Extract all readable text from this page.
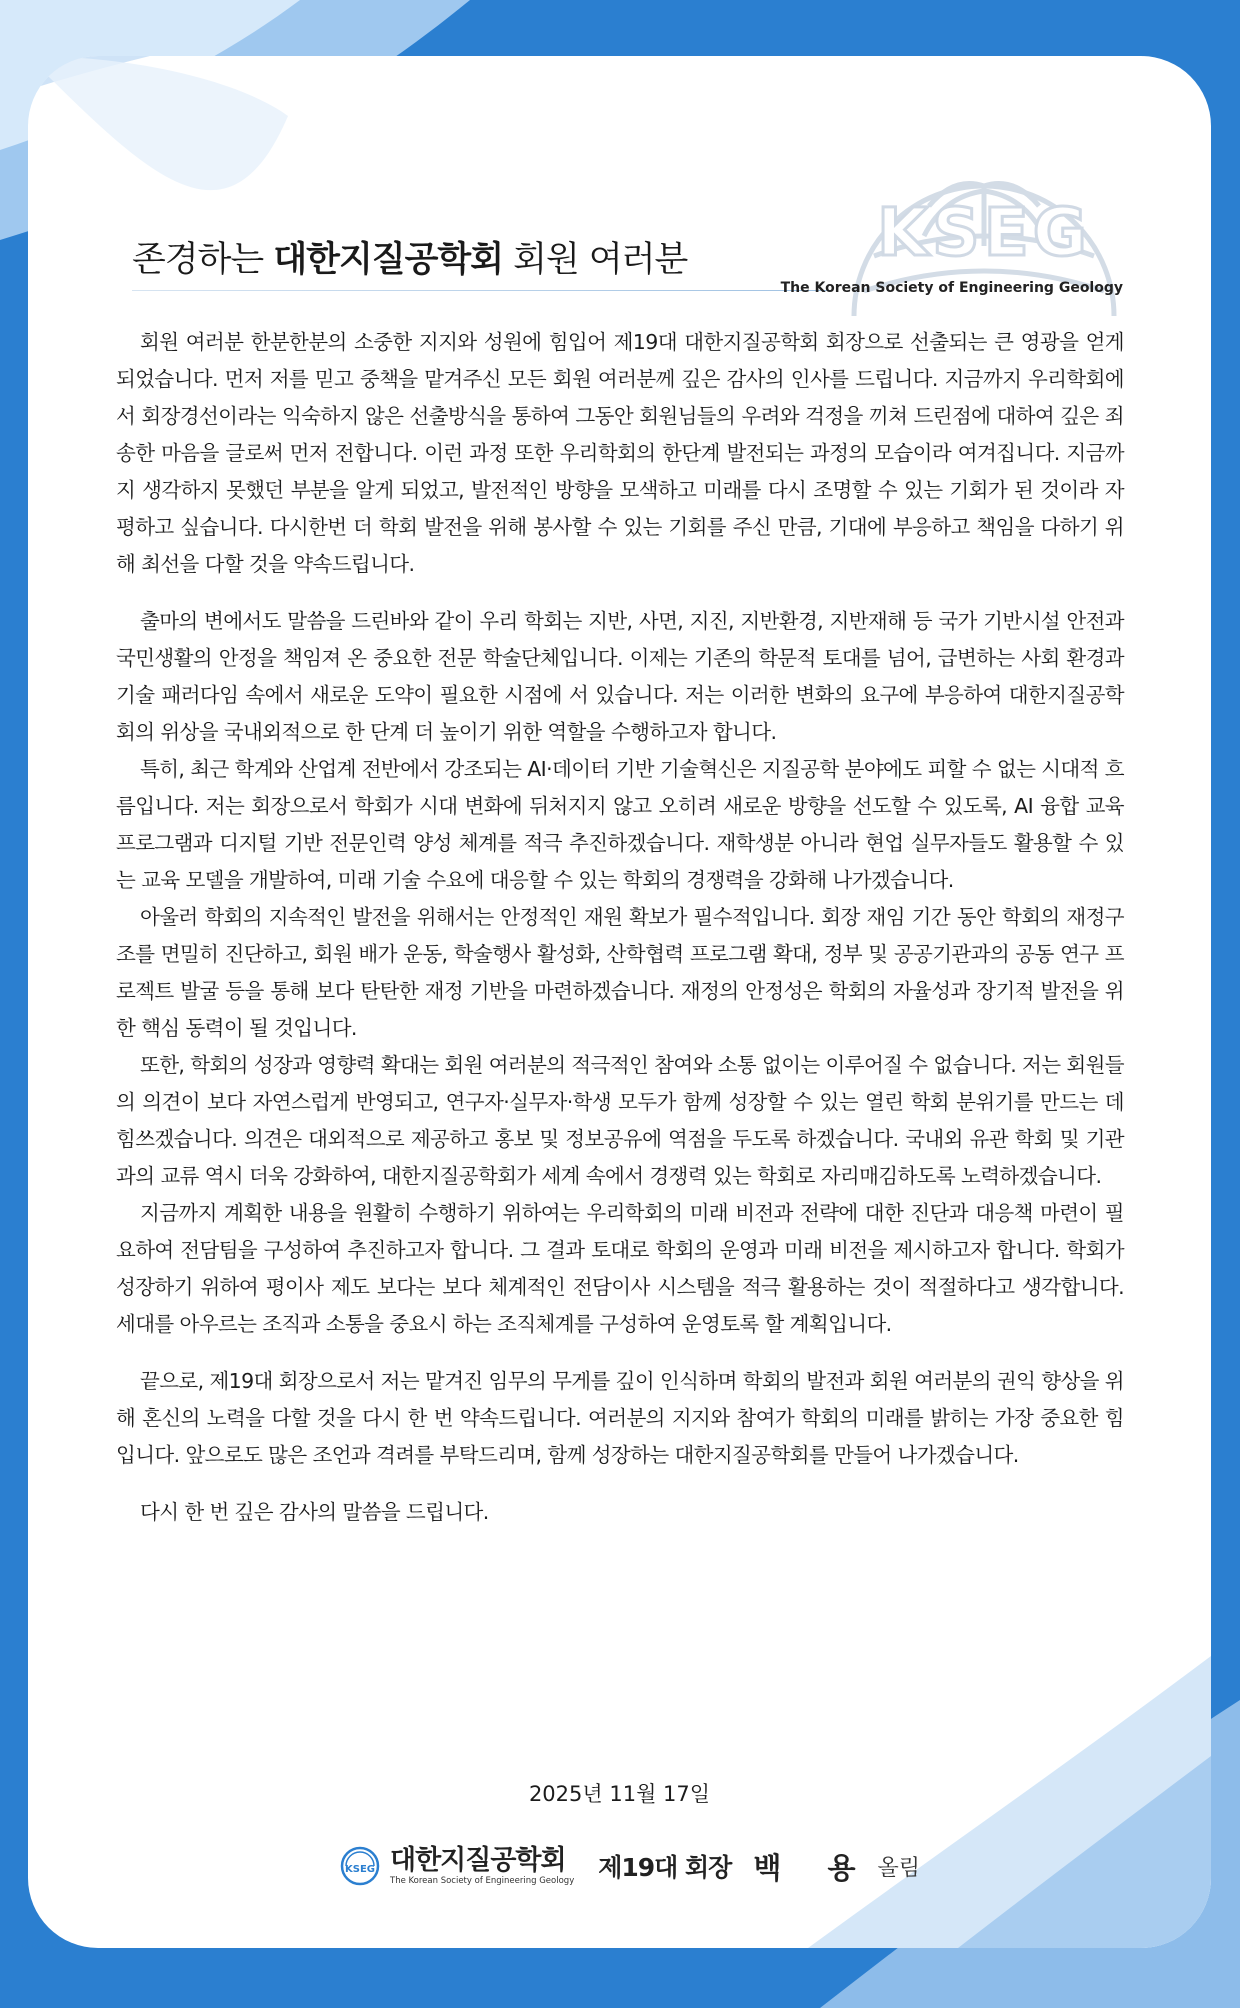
KSEG
존경하는 대한지질공학회 회원 여러분
The Korean Society of Engineering Geology

회원 여러분 한분한분의 소중한 지지와 성원에 힘입어 제19대 대한지질공학회 회장으로 선출되는 큰 영광을 얻게 되었습니다. 먼저 저를 믿고 중책을 맡겨주신 모든 회원 여러분께 깊은 감사의 인사를 드립니다. 지금까지 우리학회에서 회장경선이라는 익숙하지 않은 선출방식을 통하여 그동안 회원님들의 우려와 걱정을 끼쳐 드린점에 대하여 깊은 죄송한 마음을 글로써 먼저 전합니다. 이런 과정 또한 우리학회의 한단계 발전되는 과정의 모습이라 여겨집니다. 지금까지 생각하지 못했던 부분을 알게 되었고, 발전적인 방향을 모색하고 미래를 다시 조명할 수 있는 기회가 된 것이라 자평하고 싶습니다. 다시한번 더 학회 발전을 위해 봉사할 수 있는 기회를 주신 만큼, 기대에 부응하고 책임을 다하기 위해 최선을 다할 것을 약속드립니다.

출마의 변에서도 말씀을 드린바와 같이 우리 학회는 지반, 사면, 지진, 지반환경, 지반재해 등 국가 기반시설 안전과 국민생활의 안정을 책임져 온 중요한 전문 학술단체입니다. 이제는 기존의 학문적 토대를 넘어, 급변하는 사회 환경과 기술 패러다임 속에서 새로운 도약이 필요한 시점에 서 있습니다. 저는 이러한 변화의 요구에 부응하여 대한지질공학회의 위상을 국내외적으로 한 단계 더 높이기 위한 역할을 수행하고자 합니다.

특히, 최근 학계와 산업계 전반에서 강조되는 AI·데이터 기반 기술혁신은 지질공학 분야에도 피할 수 없는 시대적 흐름입니다. 저는 회장으로서 학회가 시대 변화에 뒤처지지 않고 오히려 새로운 방향을 선도할 수 있도록, AI 융합 교육프로그램과 디지털 기반 전문인력 양성 체계를 적극 추진하겠습니다. 재학생분 아니라 현업 실무자들도 활용할 수 있는 교육 모델을 개발하여, 미래 기술 수요에 대응할 수 있는 학회의 경쟁력을 강화해 나가겠습니다.

아울러 학회의 지속적인 발전을 위해서는 안정적인 재원 확보가 필수적입니다. 회장 재임 기간 동안 학회의 재정구조를 면밀히 진단하고, 회원 배가 운동, 학술행사 활성화, 산학협력 프로그램 확대, 정부 및 공공기관과의 공동 연구 프로젝트 발굴 등을 통해 보다 탄탄한 재정 기반을 마련하겠습니다. 재정의 안정성은 학회의 자율성과 장기적 발전을 위한 핵심 동력이 될 것입니다.

또한, 학회의 성장과 영향력 확대는 회원 여러분의 적극적인 참여와 소통 없이는 이루어질 수 없습니다. 저는 회원들의 의견이 보다 자연스럽게 반영되고, 연구자·실무자·학생 모두가 함께 성장할 수 있는 열린 학회 분위기를 만드는 데 힘쓰겠습니다. 의견은 대외적으로 제공하고 홍보 및 정보공유에 역점을 두도록 하겠습니다. 국내외 유관 학회 및 기관과의 교류 역시 더욱 강화하여, 대한지질공학회가 세계 속에서 경쟁력 있는 학회로 자리매김하도록 노력하겠습니다.

지금까지 계획한 내용을 원활히 수행하기 위하여는 우리학회의 미래 비전과 전략에 대한 진단과 대응책 마련이 필요하여 전담팀을 구성하여 추진하고자 합니다. 그 결과 토대로 학회의 운영과 미래 비전을 제시하고자 합니다. 학회가 성장하기 위하여 평이사 제도 보다는 보다 체계적인 전담이사 시스템을 적극 활용하는 것이 적절하다고 생각합니다. 세대를 아우르는 조직과 소통을 중요시 하는 조직체계를 구성하여 운영토록 할 계획입니다.

끝으로, 제19대 회장으로서 저는 맡겨진 임무의 무게를 깊이 인식하며 학회의 발전과 회원 여러분의 권익 향상을 위해 혼신의 노력을 다할 것을 다시 한 번 약속드립니다. 여러분의 지지와 참여가 학회의 미래를 밝히는 가장 중요한 힘입니다. 앞으로도 많은 조언과 격려를 부탁드리며, 함께 성장하는 대한지질공학회를 만들어 나가겠습니다.

다시 한 번 깊은 감사의 말씀을 드립니다.

2025년 11월 17일
KSEG 대한지질공학회
The Korean Society of Engineering Geology 제19대 회장 백 용 올림
